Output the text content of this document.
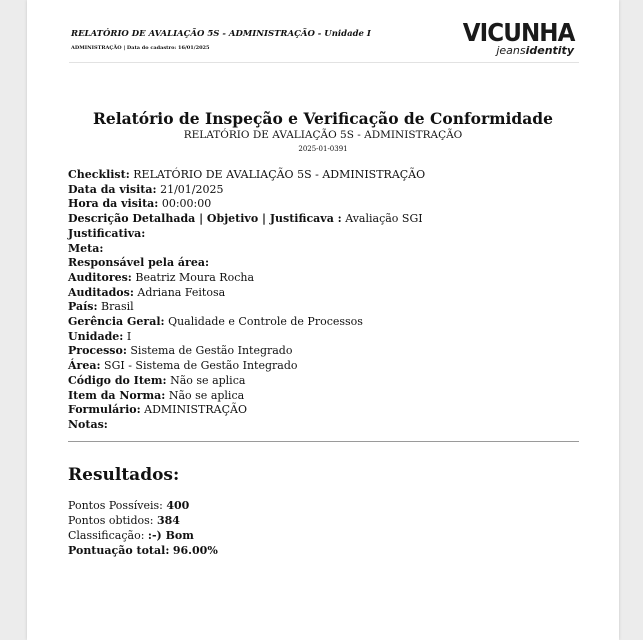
RELATÓRIO DE AVALIAÇÃO 5S - ADMINISTRAÇÃO - Unidade I
ADMINISTRAÇÃO | Data do cadastro: 16/01/2025
VICUNHA
jeansidentity
Relatório de Inspeção e Verificação de Conformidade
RELATÓRIO DE AVALIAÇÃO 5S - ADMINISTRAÇÃO
2025-01-0391
Checklist: RELATÓRIO DE AVALIAÇÃO 5S - ADMINISTRAÇÃO
Data da visita: 21/01/2025
Hora da visita: 00:00:00
Descrição Detalhada | Objetivo | Justificava : Avaliação SGI
Justificativa:
Meta:
Responsável pela área:
Auditores: Beatriz Moura Rocha
Auditados: Adriana Feitosa
País: Brasil
Gerência Geral: Qualidade e Controle de Processos
Unidade: I
Processo: Sistema de Gestão Integrado
Área: SGI - Sistema de Gestão Integrado
Código do Item: Não se aplica
Item da Norma: Não se aplica
Formulário: ADMINISTRAÇÃO
Notas:
Resultados:
Pontos Possíveis: 400
Pontos obtidos: 384
Classificação: :-) Bom
Pontuação total: 96.00%
